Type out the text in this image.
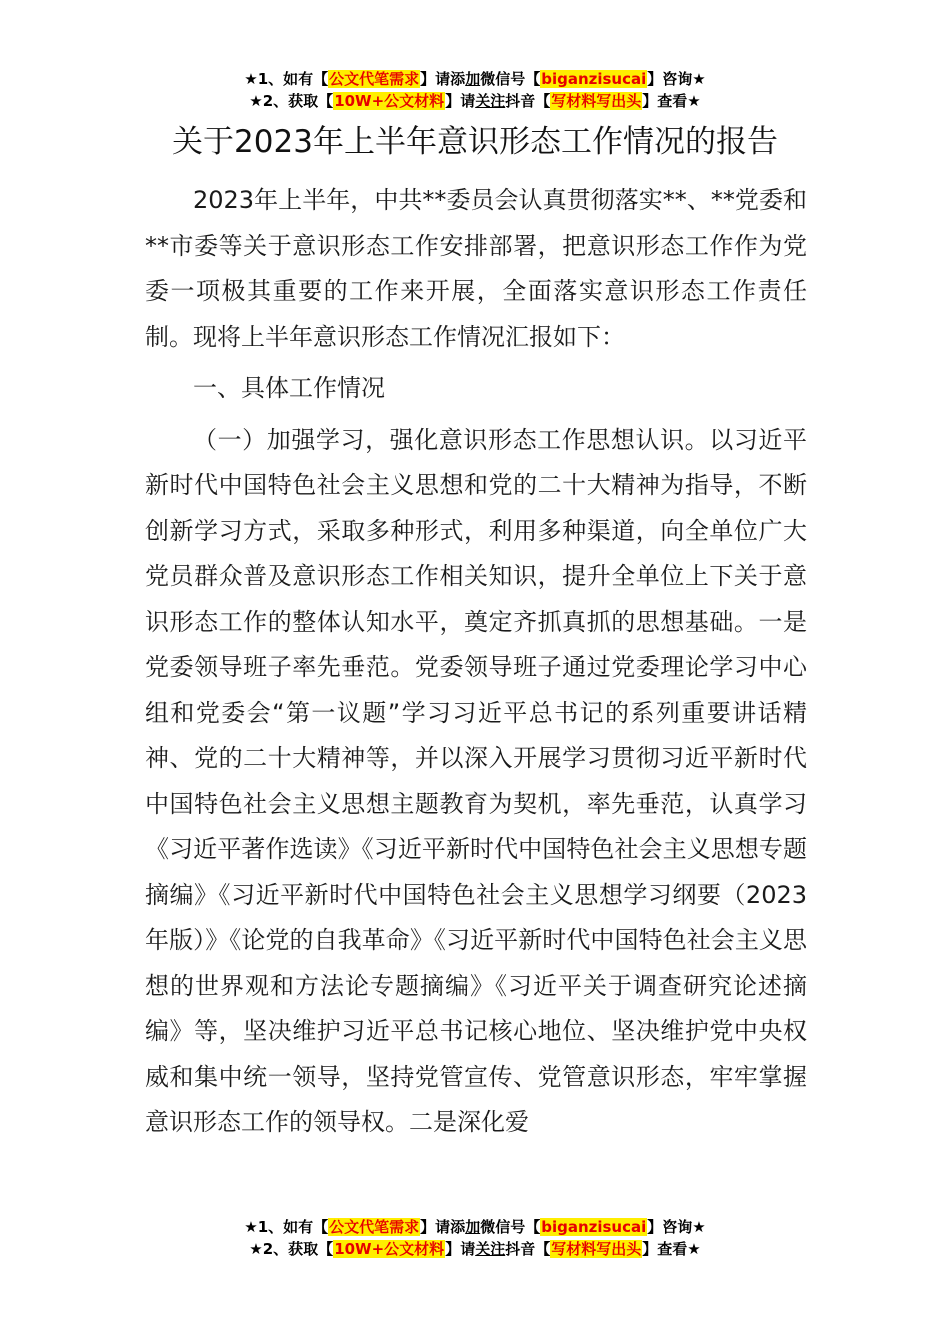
★1、如有【公文代笔需求】请添加微信号【biganzisucai】咨询★
★2、获取【10W+公文材料】请关注抖音【写材料写出头】查看★
关于2023年上半年意识形态工作情况的报告

2023年上半年，中共**委员会认真贯彻落实**、**党委和**市委等关于意识形态工作安排部署，把意识形态工作作为党委一项极其重要的工作来开展，全面落实意识形态工作责任制。现将上半年意识形态工作情况汇报如下：

一、具体工作情况

（一）加强学习，强化意识形态工作思想认识。以习近平新时代中国特色社会主义思想和党的二十大精神为指导，不断创新学习方式，采取多种形式，利用多种渠道，向全单位广大党员群众普及意识形态工作相关知识，提升全单位上下关于意识形态工作的整体认知水平，奠定齐抓真抓的思想基础。一是党委领导班子率先垂范。党委领导班子通过党委理论学习中心组和党委会“第一议题”学习习近平总书记的系列重要讲话精神、党的二十大精神等，并以深入开展学习贯彻习近平新时代中国特色社会主义思想主题教育为契机，率先垂范，认真学习《习近平著作选读》《习近平新时代中国特色社会主义思想专题摘编》《习近平新时代中国特色社会主义思想学习纲要（2023年版）》《论党的自我革命》《习近平新时代中国特色社会主义思想的世界观和方法论专题摘编》《习近平关于调查研究论述摘编》等，坚决维护习近平总书记核心地位、坚决维护党中央权威和集中统一领导，坚持党管宣传、党管意识形态，牢牢掌握意识形态工作的领导权。二是深化爱

★1、如有【公文代笔需求】请添加微信号【biganzisucai】咨询★
★2、获取【10W+公文材料】请关注抖音【写材料写出头】查看★
